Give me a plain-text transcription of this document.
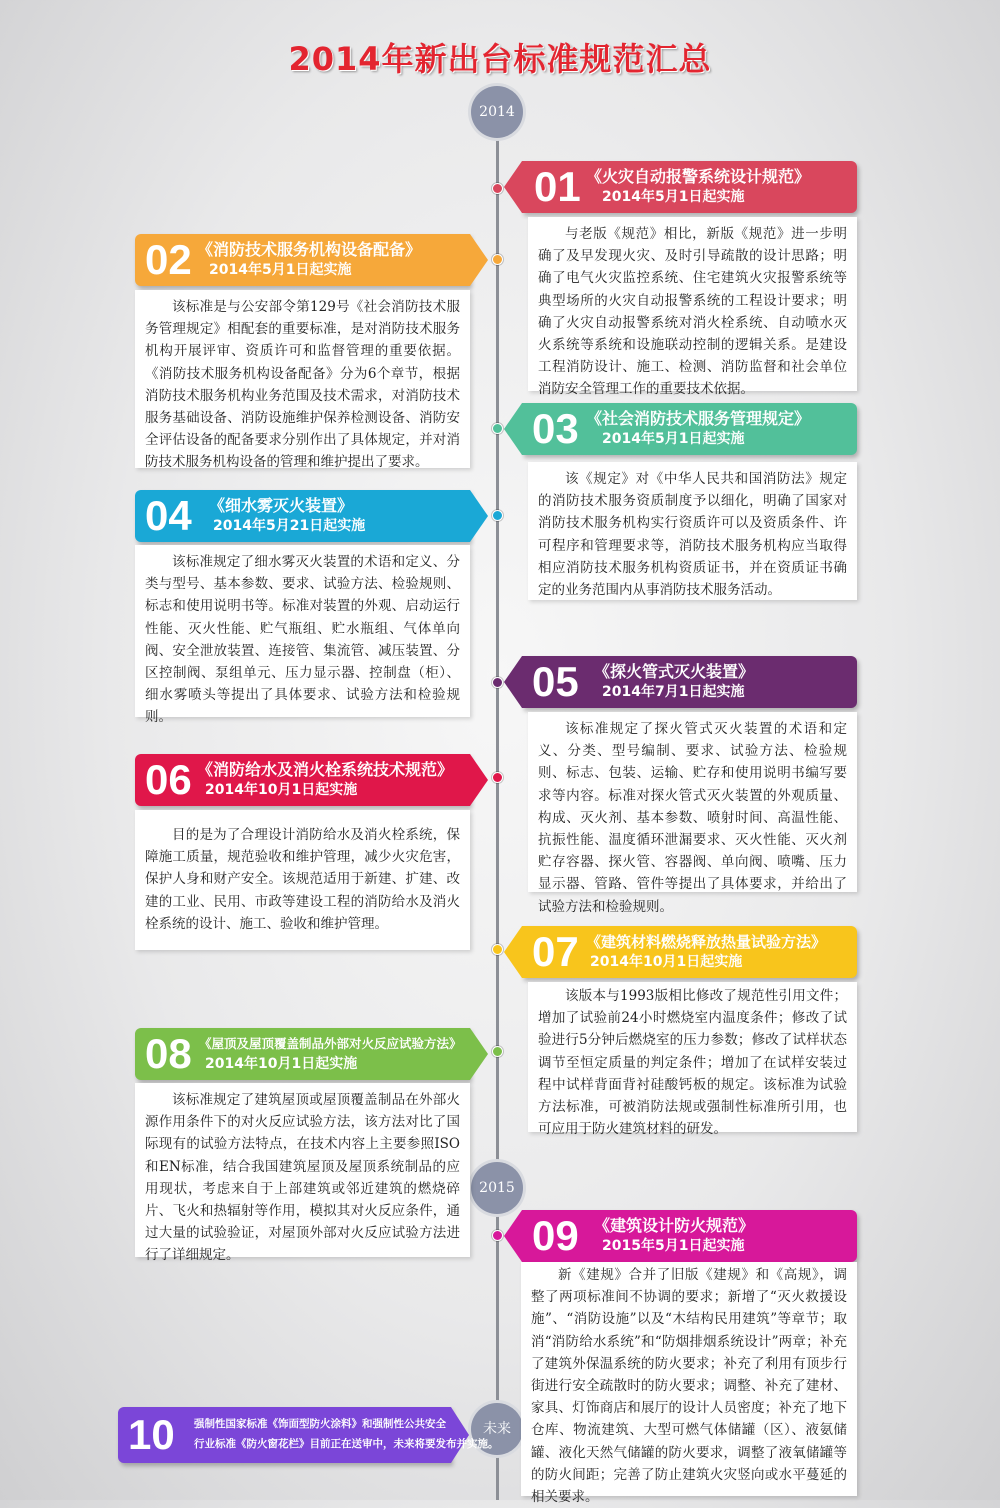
2014年新出台标准规范汇总
2014
2015
未来
01 《火灾自动报警系统设计规范》
2014年5月1日起实施

与老版《规范》相比，新版《规范》进一步明确了及早发现火灾、及时引导疏散的设计思路；明确了电气火灾监控系统、住宅建筑火灾报警系统等典型场所的火灾自动报警系统的工程设计要求；明确了火灾自动报警系统对消火栓系统、自动喷水灭火系统等系统和设施联动控制的逻辑关系。是建设工程消防设计、施工、检测、消防监督和社会单位消防安全管理工作的重要技术依据。

02 《消防技术服务机构设备配备》
2014年5月1日起实施

该标准是与公安部令第129号《社会消防技术服务管理规定》相配套的重要标准，是对消防技术服务机构开展评审、资质许可和监督管理的重要依据。《消防技术服务机构设备配备》分为6个章节，根据消防技术服务机构业务范围及技术需求，对消防技术服务基础设备、消防设施维护保养检测设备、消防安全评估设备的配备要求分别作出了具体规定，并对消防技术服务机构设备的管理和维护提出了要求。

03 《社会消防技术服务管理规定》
2014年5月1日起实施

该《规定》对《中华人民共和国消防法》规定的消防技术服务资质制度予以细化，明确了国家对消防技术服务机构实行资质许可以及资质条件、许可程序和管理要求等，消防技术服务机构应当取得相应消防技术服务机构资质证书，并在资质证书确定的业务范围内从事消防技术服务活动。

04 《细水雾灭火装置》
2014年5月21日起实施

该标准规定了细水雾灭火装置的术语和定义、分类与型号、基本参数、要求、试验方法、检验规则、标志和使用说明书等。标准对装置的外观、启动运行性能、灭火性能、贮气瓶组、贮水瓶组、气体单向阀、安全泄放装置、连接管、集流管、减压装置、分区控制阀、泵组单元、压力显示器、控制盘（柜）、细水雾喷头等提出了具体要求、试验方法和检验规则。

05 《探火管式灭火装置》
2014年7月1日起实施

该标准规定了探火管式灭火装置的术语和定义、分类、型号编制、要求、试验方法、检验规则、标志、包装、运输、贮存和使用说明书编写要求等内容。标准对探火管式灭火装置的外观质量、构成、灭火剂、基本参数、喷射时间、高温性能、抗振性能、温度循环泄漏要求、灭火性能、灭火剂贮存容器、探火管、容器阀、单向阀、喷嘴、压力显示器、管路、管件等提出了具体要求，并给出了试验方法和检验规则。

06 《消防给水及消火栓系统技术规范》
2014年10月1日起实施

目的是为了合理设计消防给水及消火栓系统，保障施工质量，规范验收和维护管理，减少火灾危害，保护人身和财产安全。该规范适用于新建、扩建、改建的工业、民用、市政等建设工程的消防给水及消火栓系统的设计、施工、验收和维护管理。

07 《建筑材料燃烧释放热量试验方法》
2014年10月1日起实施

该版本与1993版相比修改了规范性引用文件；增加了试验前24小时燃烧室内温度条件；修改了试验进行5分钟后燃烧室的压力参数；修改了试样状态调节至恒定质量的判定条件；增加了在试样安装过程中试样背面背衬硅酸钙板的规定。该标准为试验方法标准，可被消防法规或强制性标准所引用，也可应用于防火建筑材料的研发。

08 《屋顶及屋顶覆盖制品外部对火反应试验方法》
2014年10月1日起实施

该标准规定了建筑屋顶或屋顶覆盖制品在外部火源作用条件下的对火反应试验方法，该方法对比了国际现有的试验方法特点，在技术内容上主要参照ISO和EN标准，结合我国建筑屋顶及屋顶系统制品的应用现状，考虑来自于上部建筑或邻近建筑的燃烧碎片、飞火和热辐射等作用，模拟其对火反应条件，通过大量的试验验证，对屋顶外部对火反应试验方法进行了详细规定。	09 《建筑设计防火规范》
2015年5月1日起实施

新《建规》合并了旧版《建规》和《高规》，调整了两项标准间不协调的要求；新增了“灭火救援设施”、“消防设施”以及“木结构民用建筑”等章节；取消“消防给水系统”和“防烟排烟系统设计”两章；补充了建筑外保温系统的防火要求；补充了利用有顶步行街进行安全疏散时的防火要求；调整、补充了建材、家具、灯饰商店和展厅的设计人员密度；补充了地下仓库、物流建筑、大型可燃气体储罐（区）、液氨储罐、液化天然气储罐的防火要求，调整了液氧储罐等的防火间距；完善了防止建筑火灾竖向或水平蔓延的相关要求。

10 强制性国家标准《饰面型防火涂料》和强制性公共安全
行业标准《防火窗花栏》目前正在送审中，未来将要发布并实施。
